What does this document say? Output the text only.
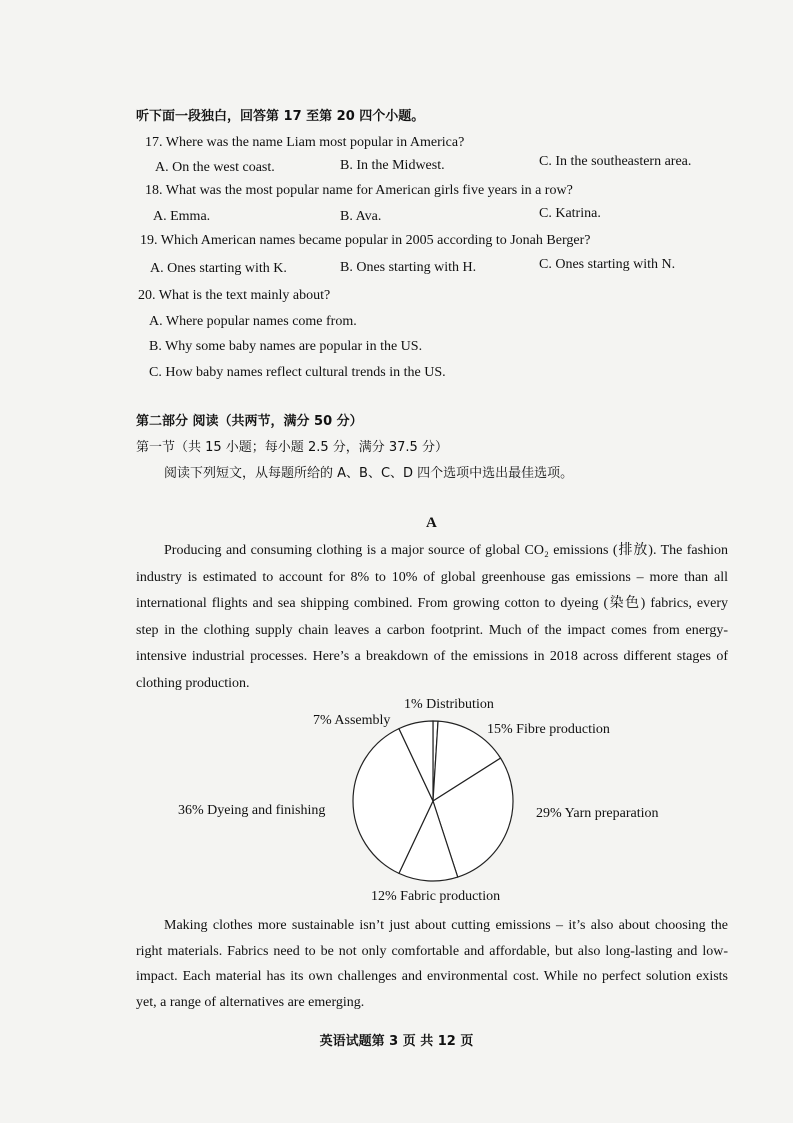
听下面一段独白，回答第 17 至第 20 四个小题。
17. Where was the name Liam most popular in America?
A. On the west coast.	B. In the Midwest.	C. In the southeastern area.
18. What was the most popular name for American girls five years in a row?
A. Emma.	B. Ava.	C. Katrina.
19. Which American names became popular in 2005 according to Jonah Berger?
A. Ones starting with K.	B. Ones starting with H.	C. Ones starting with N.
20. What is the text mainly about?
A. Where popular names come from.
B. Why some baby names are popular in the US.
C. How baby names reflect cultural trends in the US.
第二部分 阅读（共两节，满分 50 分）
第一节（共 15 小题；每小题 2.5 分，满分 37.5 分）
阅读下列短文，从每题所给的 A、B、C、D 四个选项中选出最佳选项。
A
Producing and consuming clothing is a major source of global CO₂ emissions (排放). The fashion industry is estimated to account for 8% to 10% of global greenhouse gas emissions – more than all international flights and sea shipping combined. From growing cotton to dyeing (染色) fabrics, every step in the clothing supply chain leaves a carbon footprint. Much of the impact comes from energy-intensive industrial processes. Here’s a breakdown of the emissions in 2018 across different stages of clothing production.
1% Distribution
15% Fibre production
29% Yarn preparation
12% Fabric production
36% Dyeing and finishing
7% Assembly
Making clothes more sustainable isn’t just about cutting emissions – it’s also about choosing the right materials. Fabrics need to be not only comfortable and affordable, but also long-lasting and low-impact. Each material has its own challenges and environmental cost. While no perfect solution exists yet, a range of alternatives are emerging.
英语试题第 3 页 共 12 页
